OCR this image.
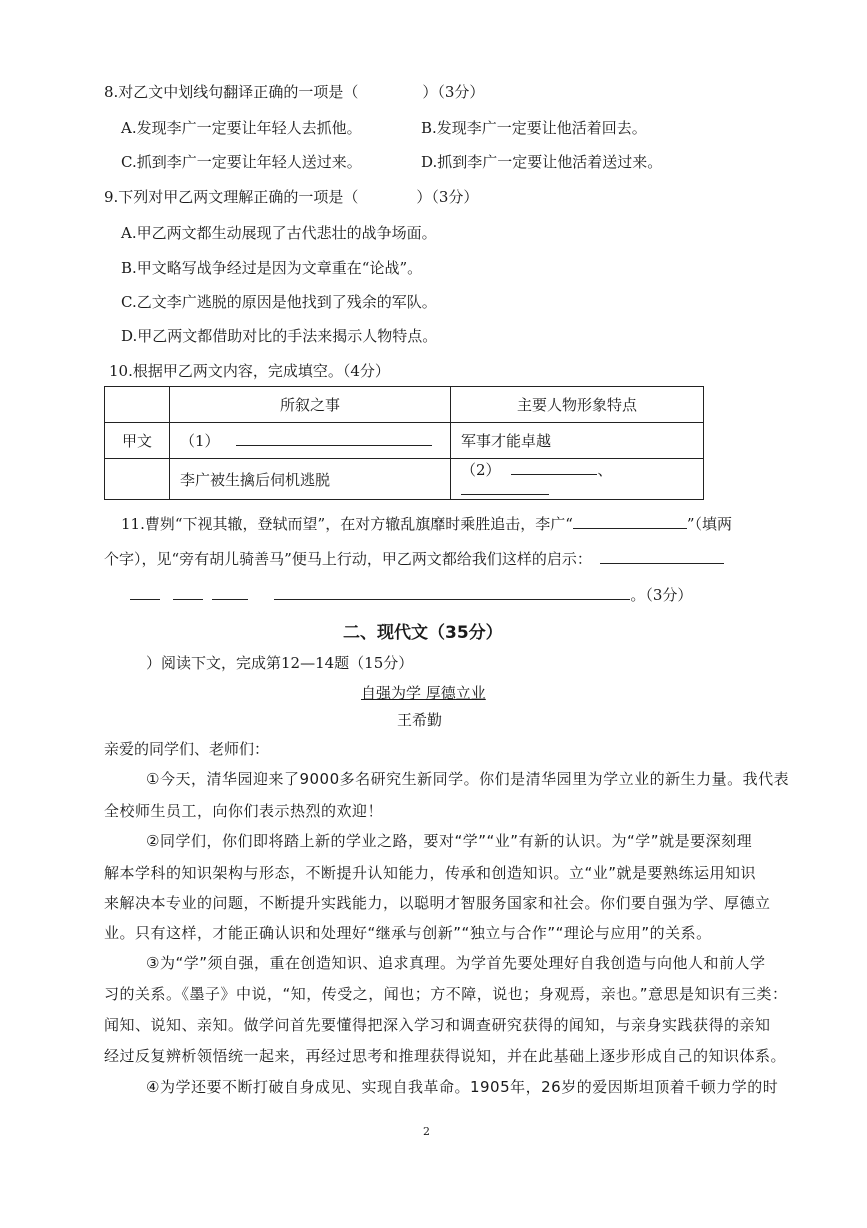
8.对乙文中划线句翻译正确的一项是（	）（3分）
A.发现李广一定要让年轻人去抓他。	B.发现李广一定要让他活着回去。
C.抓到李广一定要让年轻人送过来。	D.抓到李广一定要让他活着送过来。
9.下列对甲乙两文理解正确的一项是（	）（3分）
A.甲乙两文都生动展现了古代悲壮的战争场面。
B.甲文略写战争经过是因为文章重在“论战”。
C.乙文李广逃脱的原因是他找到了残余的军队。
D.甲乙两文都借助对比的手法来揭示人物特点。
10.根据甲乙两文内容，完成填空。（4分）
	所叙之事	主要人物形象特点
甲文	（1）	军事才能卓越
	李广被生擒后伺机逃脱	（2） 、
11.曹刿“下视其辙，登轼而望”，在对方辙乱旗靡时乘胜追击，李广“	”（填两
个字），见“旁有胡儿骑善马”便马上行动，甲乙两文都给我们这样的启示：
。（3分）
二、现代文（35分）
）阅读下文，完成第12—14题（15分）
自强为学 厚德立业
王希勤
亲爱的同学们、老师们：
①今天，清华园迎来了9000多名研究生新同学。你们是清华园里为学立业的新生力量。我代表
全校师生员工，向你们表示热烈的欢迎！
②同学们，你们即将踏上新的学业之路，要对“学”“业”有新的认识。为“学”就是要深刻理
解本学科的知识架构与形态，不断提升认知能力，传承和创造知识。立“业”就是要熟练运用知识
来解决本专业的问题，不断提升实践能力，以聪明才智服务国家和社会。你们要自强为学、厚德立
业。只有这样，才能正确认识和处理好“继承与创新”“独立与合作”“理论与应用”的关系。
③为“学”须自强，重在创造知识、追求真理。为学首先要处理好自我创造与向他人和前人学
习的关系。《墨子》中说，“知，传受之，闻也；方不障，说也；身观焉，亲也。”意思是知识有三类：
闻知、说知、亲知。做学问首先要懂得把深入学习和调查研究获得的闻知，与亲身实践获得的亲知
经过反复辨析领悟统一起来，再经过思考和推理获得说知，并在此基础上逐步形成自己的知识体系。
④为学还要不断打破自身成见、实现自我革命。1905年，26岁的爱因斯坦顶着千顿力学的时
2
